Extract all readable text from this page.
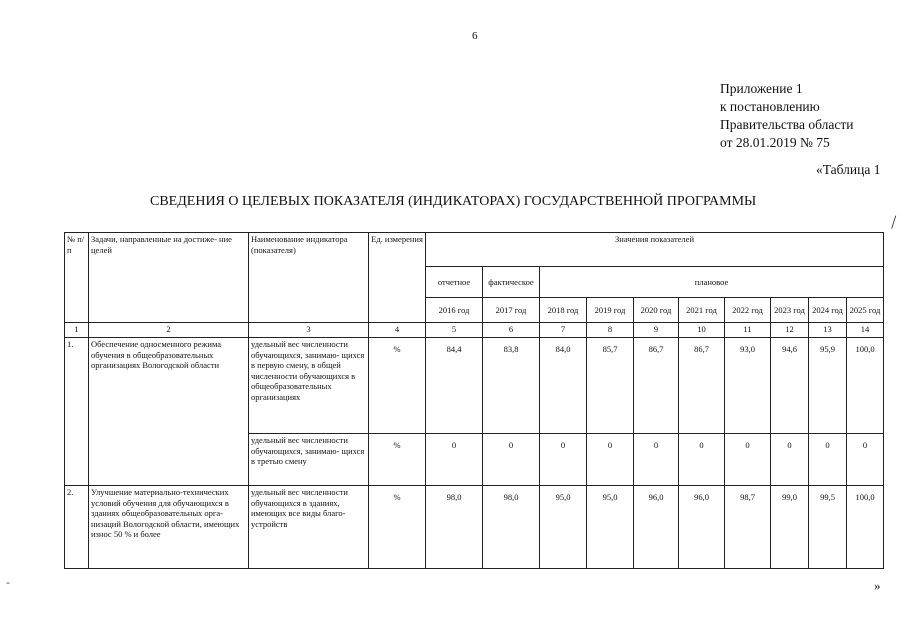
6
Приложение 1
к постановлению
Правительства области
от 28.01.2019 № 75
«Таблица 1
СВЕДЕНИЯ О ЦЕЛЕВЫХ ПОКАЗАТЕЛЯ (ИНДИКАТОРАХ) ГОСУДАРСТВЕННОЙ ПРОГРАММЫ
/
-	»
№ п/п	Задачи, направленные на достиже- ние целей	Наименование индикатора (показателя)	Ед. измерения	Значения показателей									
				отчетное	фактическое	плановое							
				2016 год	2017 год	2018 год	2019 год	2020 год	2021 год	2022 год	2023 год	2024 год	2025 год
1	2	3	4	5	6	7	8	9	10	11	12	13	14
1.	Обеспечение односменного режима обучения в общеобразовательных организациях Вологодской области	удельный вес численности обучающихся, занимаю- щихся в первую смену, в общей численности обучающихся в общеобразовательных организациях	%	84,4	83,8	84,0	85,7	86,7	86,7	93,0	94,6	95,9	100,0
		удельный вес численности обучающихся, занимаю- щихся в третью смену	%	0	0	0	0	0	0	0	0	0	0
2.	Улучшение материально-технических условий обучения для обучающихся в зданиях общеобразовательных орга- низаций Вологодской области, имеющих износ 50 % и более	удельный вес численности обучающихся в зданиях, имеющих все виды благо- устройств	%	98,0	98,0	95,0	95,0	96,0	96,0	98,7	99,0	99,5	100,0
